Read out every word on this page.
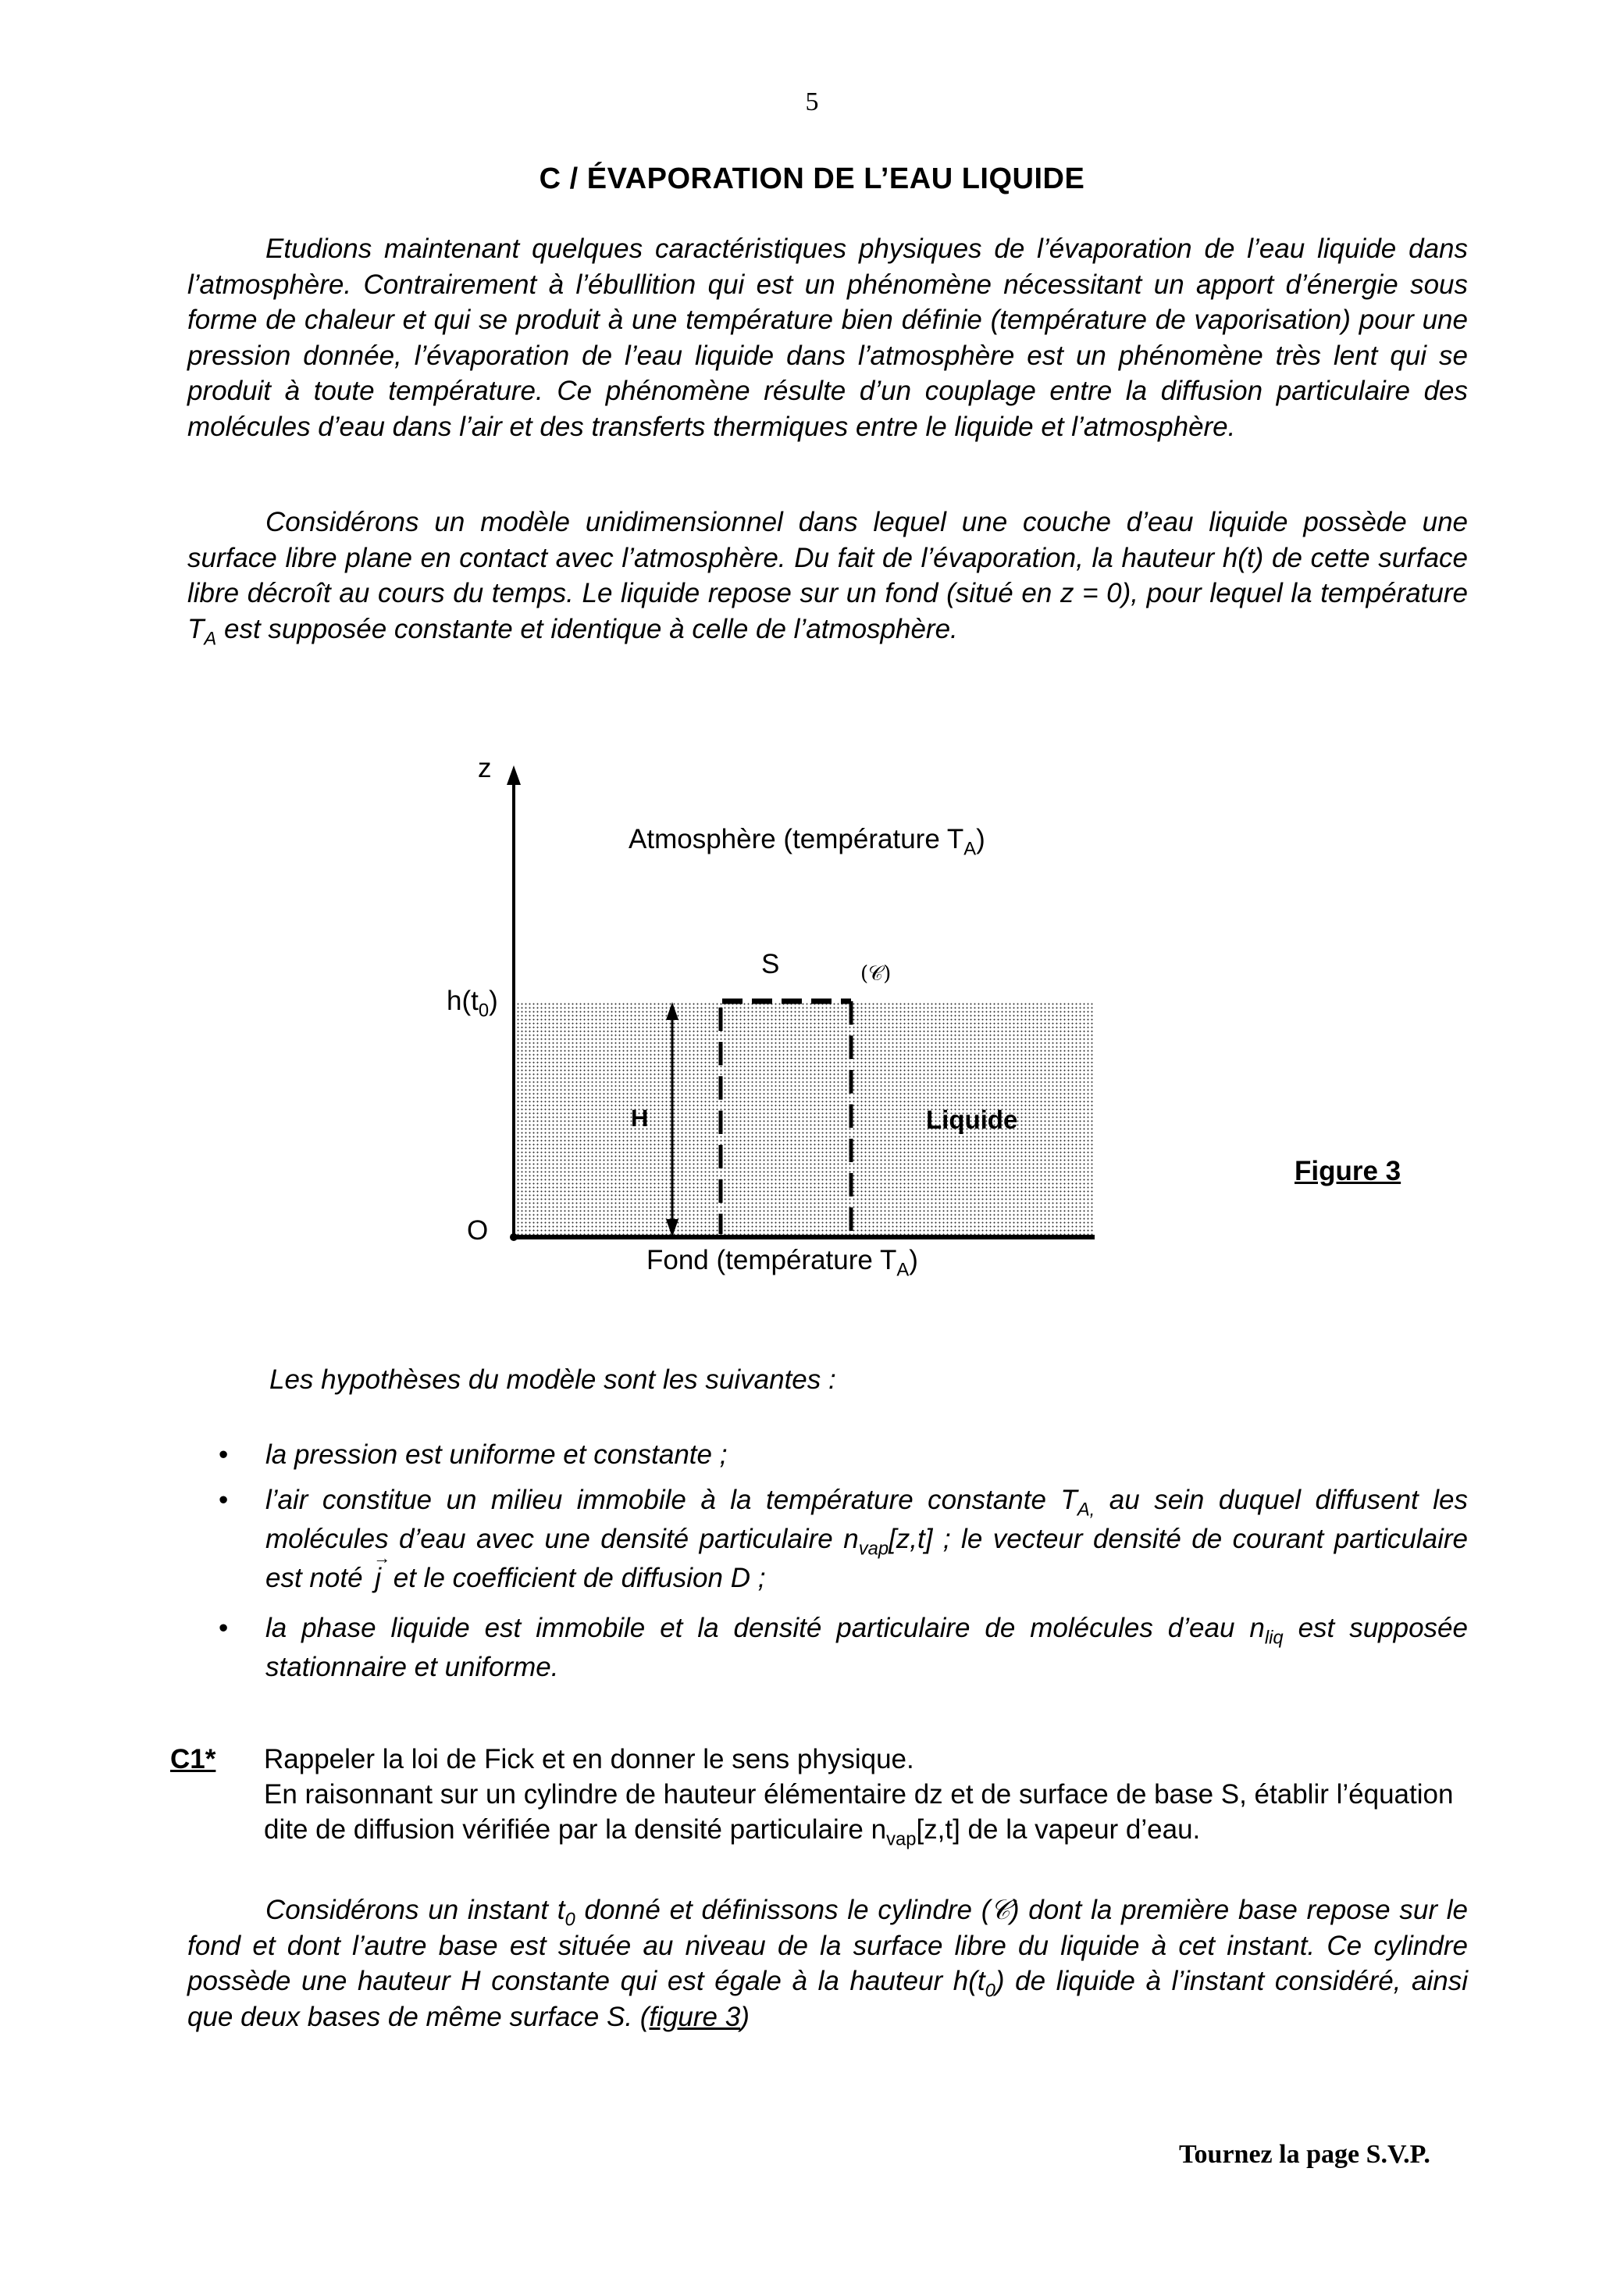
5
C / ÉVAPORATION DE L’EAU LIQUIDE
Etudions maintenant quelques caractéristiques physiques de l’évaporation de l’eau liquide dans l’atmosphère. Contrairement à l’ébullition qui est un phénomène nécessitant un apport d’énergie sous forme de chaleur et qui se produit à une température bien définie (température de vaporisation) pour une pression donnée, l’évaporation de l’eau liquide dans l’atmosphère est un phénomène très lent qui se produit à toute température. Ce phénomène résulte d’un couplage entre la diffusion particulaire des molécules d’eau dans l’air et des transferts thermiques entre le liquide et l’atmosphère.
Considérons un modèle unidimensionnel dans lequel une couche d’eau liquide possède une surface libre plane en contact avec l’atmosphère. Du fait de l’évaporation, la hauteur h(t) de cette surface libre décroît au cours du temps. Le liquide repose sur un fond (situé en z = 0), pour lequel la température $T_A$ est supposée constante et identique à celle de l’atmosphère.
z
Atmosphère (température $T_A$)
$h(t_0)$
O
S	(𝒞)
H	Liquide
Fond (température $T_A$)
Figure 3
Les hypothèses du modèle sont les suivantes :
• la pression est uniforme et constante ;
• l’air constitue un milieu immobile à la température constante $T_{A,}$ au sein duquel diffusent les molécules d’eau avec une densité particulaire $n_{vap}[z,t]$ ; le vecteur densité de courant particulaire est noté → j et le coefficient de diffusion D ;
• la phase liquide est immobile et la densité particulaire de molécules d’eau $n_{liq}$ est supposée stationnaire et uniforme.
C1* Rappeler la loi de Fick et en donner le sens physique.
En raisonnant sur un cylindre de hauteur élémentaire dz et de surface de base S, établir l’équation dite de diffusion vérifiée par la densité particulaire $n_{vap}[z,t]$ de la vapeur d’eau.
Considérons un instant $t_0$ donné et définissons le cylindre (𝒞) dont la première base repose sur le fond et dont l’autre base est située au niveau de la surface libre du liquide à cet instant. Ce cylindre possède une hauteur H constante qui est égale à la hauteur $h(t_0)$ de liquide à l’instant considéré, ainsi que deux bases de même surface S. (figure 3)
Tournez la page S.V.P.
